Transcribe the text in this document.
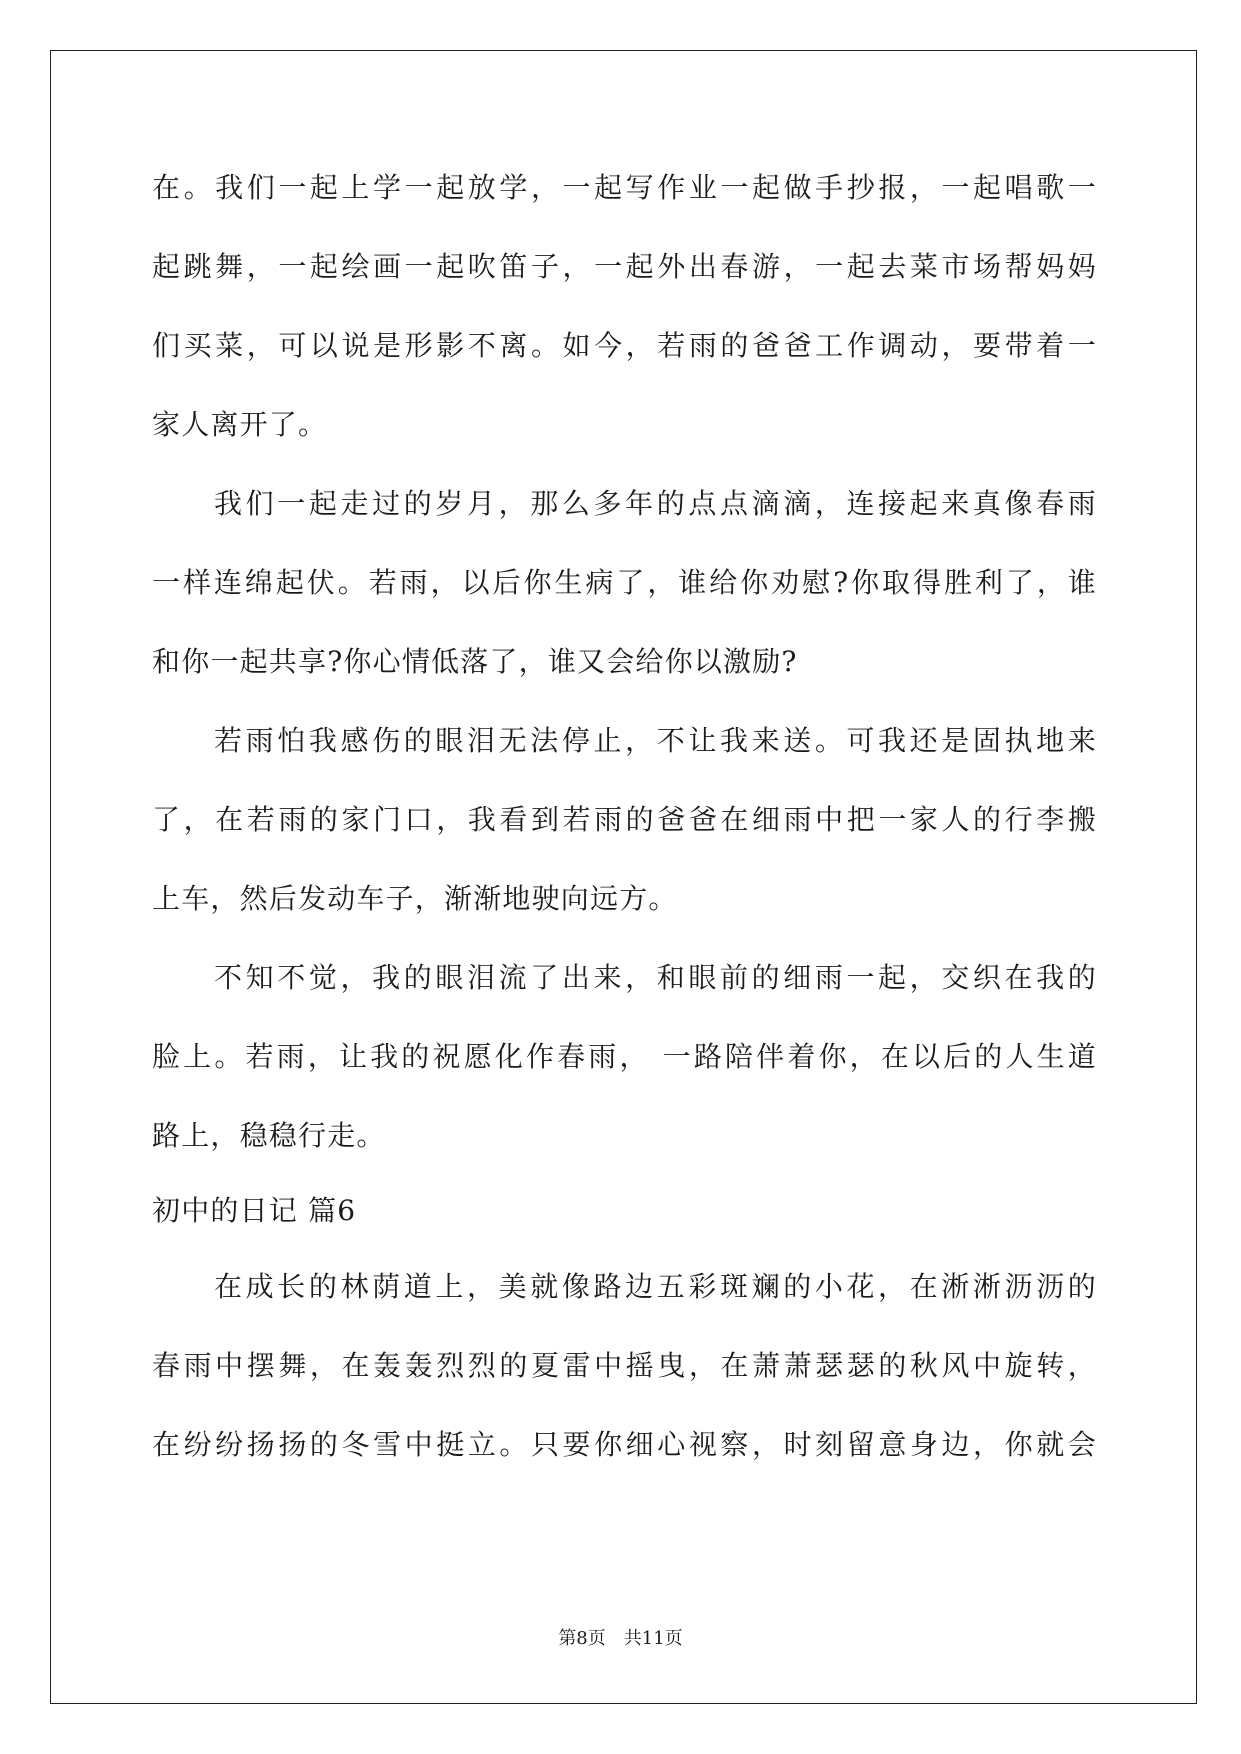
在。我们一起上学一起放学，一起写作业一起做手抄报，一起唱歌一
起跳舞，一起绘画一起吹笛子，一起外出春游，一起去菜市场帮妈妈
们买菜，可以说是形影不离。如今，若雨的爸爸工作调动，要带着一
家人离开了。
我们一起走过的岁月，那么多年的点点滴滴，连接起来真像春雨
一样连绵起伏。若雨，以后你生病了，谁给你劝慰?你取得胜利了，谁
和你一起共享?你心情低落了，谁又会给你以激励?
若雨怕我感伤的眼泪无法停止，不让我来送。可我还是固执地来
了，在若雨的家门口，我看到若雨的爸爸在细雨中把一家人的行李搬
上车，然后发动车子，渐渐地驶向远方。
不知不觉，我的眼泪流了出来，和眼前的细雨一起，交织在我的
脸上。若雨，让我的祝愿化作春雨， 一路陪伴着你，在以后的人生道
路上，稳稳行走。
初中的日记 篇6
在成长的林荫道上，美就像路边五彩斑斓的小花，在淅淅沥沥的
春雨中摆舞，在轰轰烈烈的夏雷中摇曳，在萧萧瑟瑟的秋风中旋转，
在纷纷扬扬的冬雪中挺立。只要你细心视察，时刻留意身边，你就会
第8页　共11页
